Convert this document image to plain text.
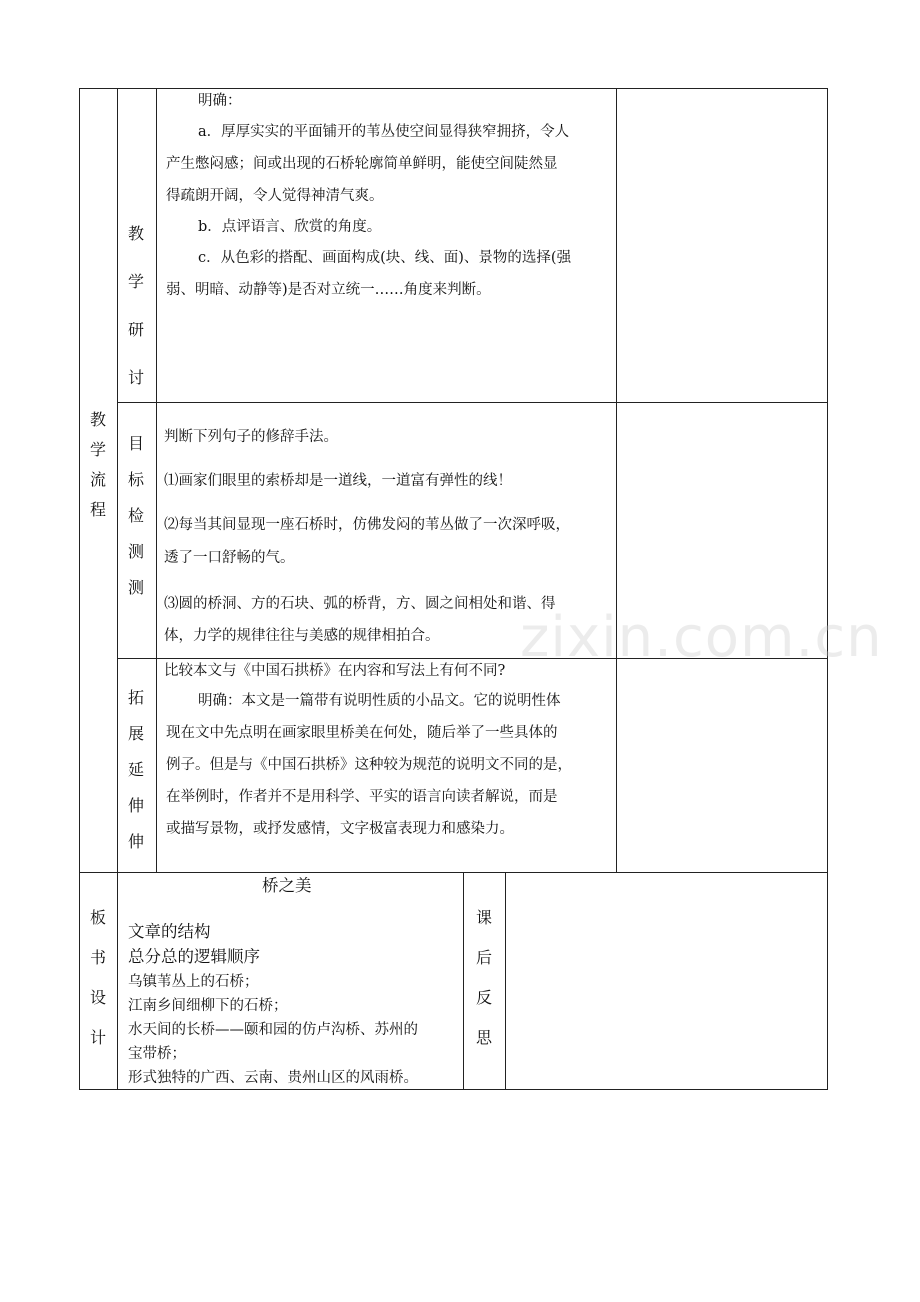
教
学
流
程
教
学
研
讨
目
标
检
测
测
拓
展
延
伸
伸
板
书
设
计
课
后
反
思
明确：
a．厚厚实实的平面铺开的苇丛使空间显得狭窄拥挤，令人
产生憋闷感；间或出现的石桥轮廓简单鲜明，能使空间陡然显
得疏朗开阔，令人觉得神清气爽。
b．点评语言、欣赏的角度。
c．从色彩的搭配、画面构成(块、线、面)、景物的选择(强
弱、明暗、动静等)是否对立统一……角度来判断。
判断下列句子的修辞手法。
⑴画家们眼里的索桥却是一道线，一道富有弹性的线！
⑵每当其间显现一座石桥时，仿佛发闷的苇丛做了一次深呼吸，
透了一口舒畅的气。
⑶圆的桥洞、方的石块、弧的桥背，方、圆之间相处和谐、得
体，力学的规律往往与美感的规律相拍合。
比较本文与《中国石拱桥》在内容和写法上有何不同?
明确：本文是一篇带有说明性质的小品文。它的说明性体
现在文中先点明在画家眼里桥美在何处，随后举了一些具体的
例子。但是与《中国石拱桥》这种较为规范的说明文不同的是，
在举例时，作者并不是用科学、平实的语言向读者解说，而是
或描写景物，或抒发感情，文字极富表现力和感染力。
桥之美
文章的结构
总分总的逻辑顺序
乌镇苇丛上的石桥；
江南乡间细柳下的石桥；
水天间的长桥——颐和园的仿卢沟桥、苏州的
宝带桥；
形式独特的广西、云南、贵州山区的风雨桥。
zixin.com.cn
